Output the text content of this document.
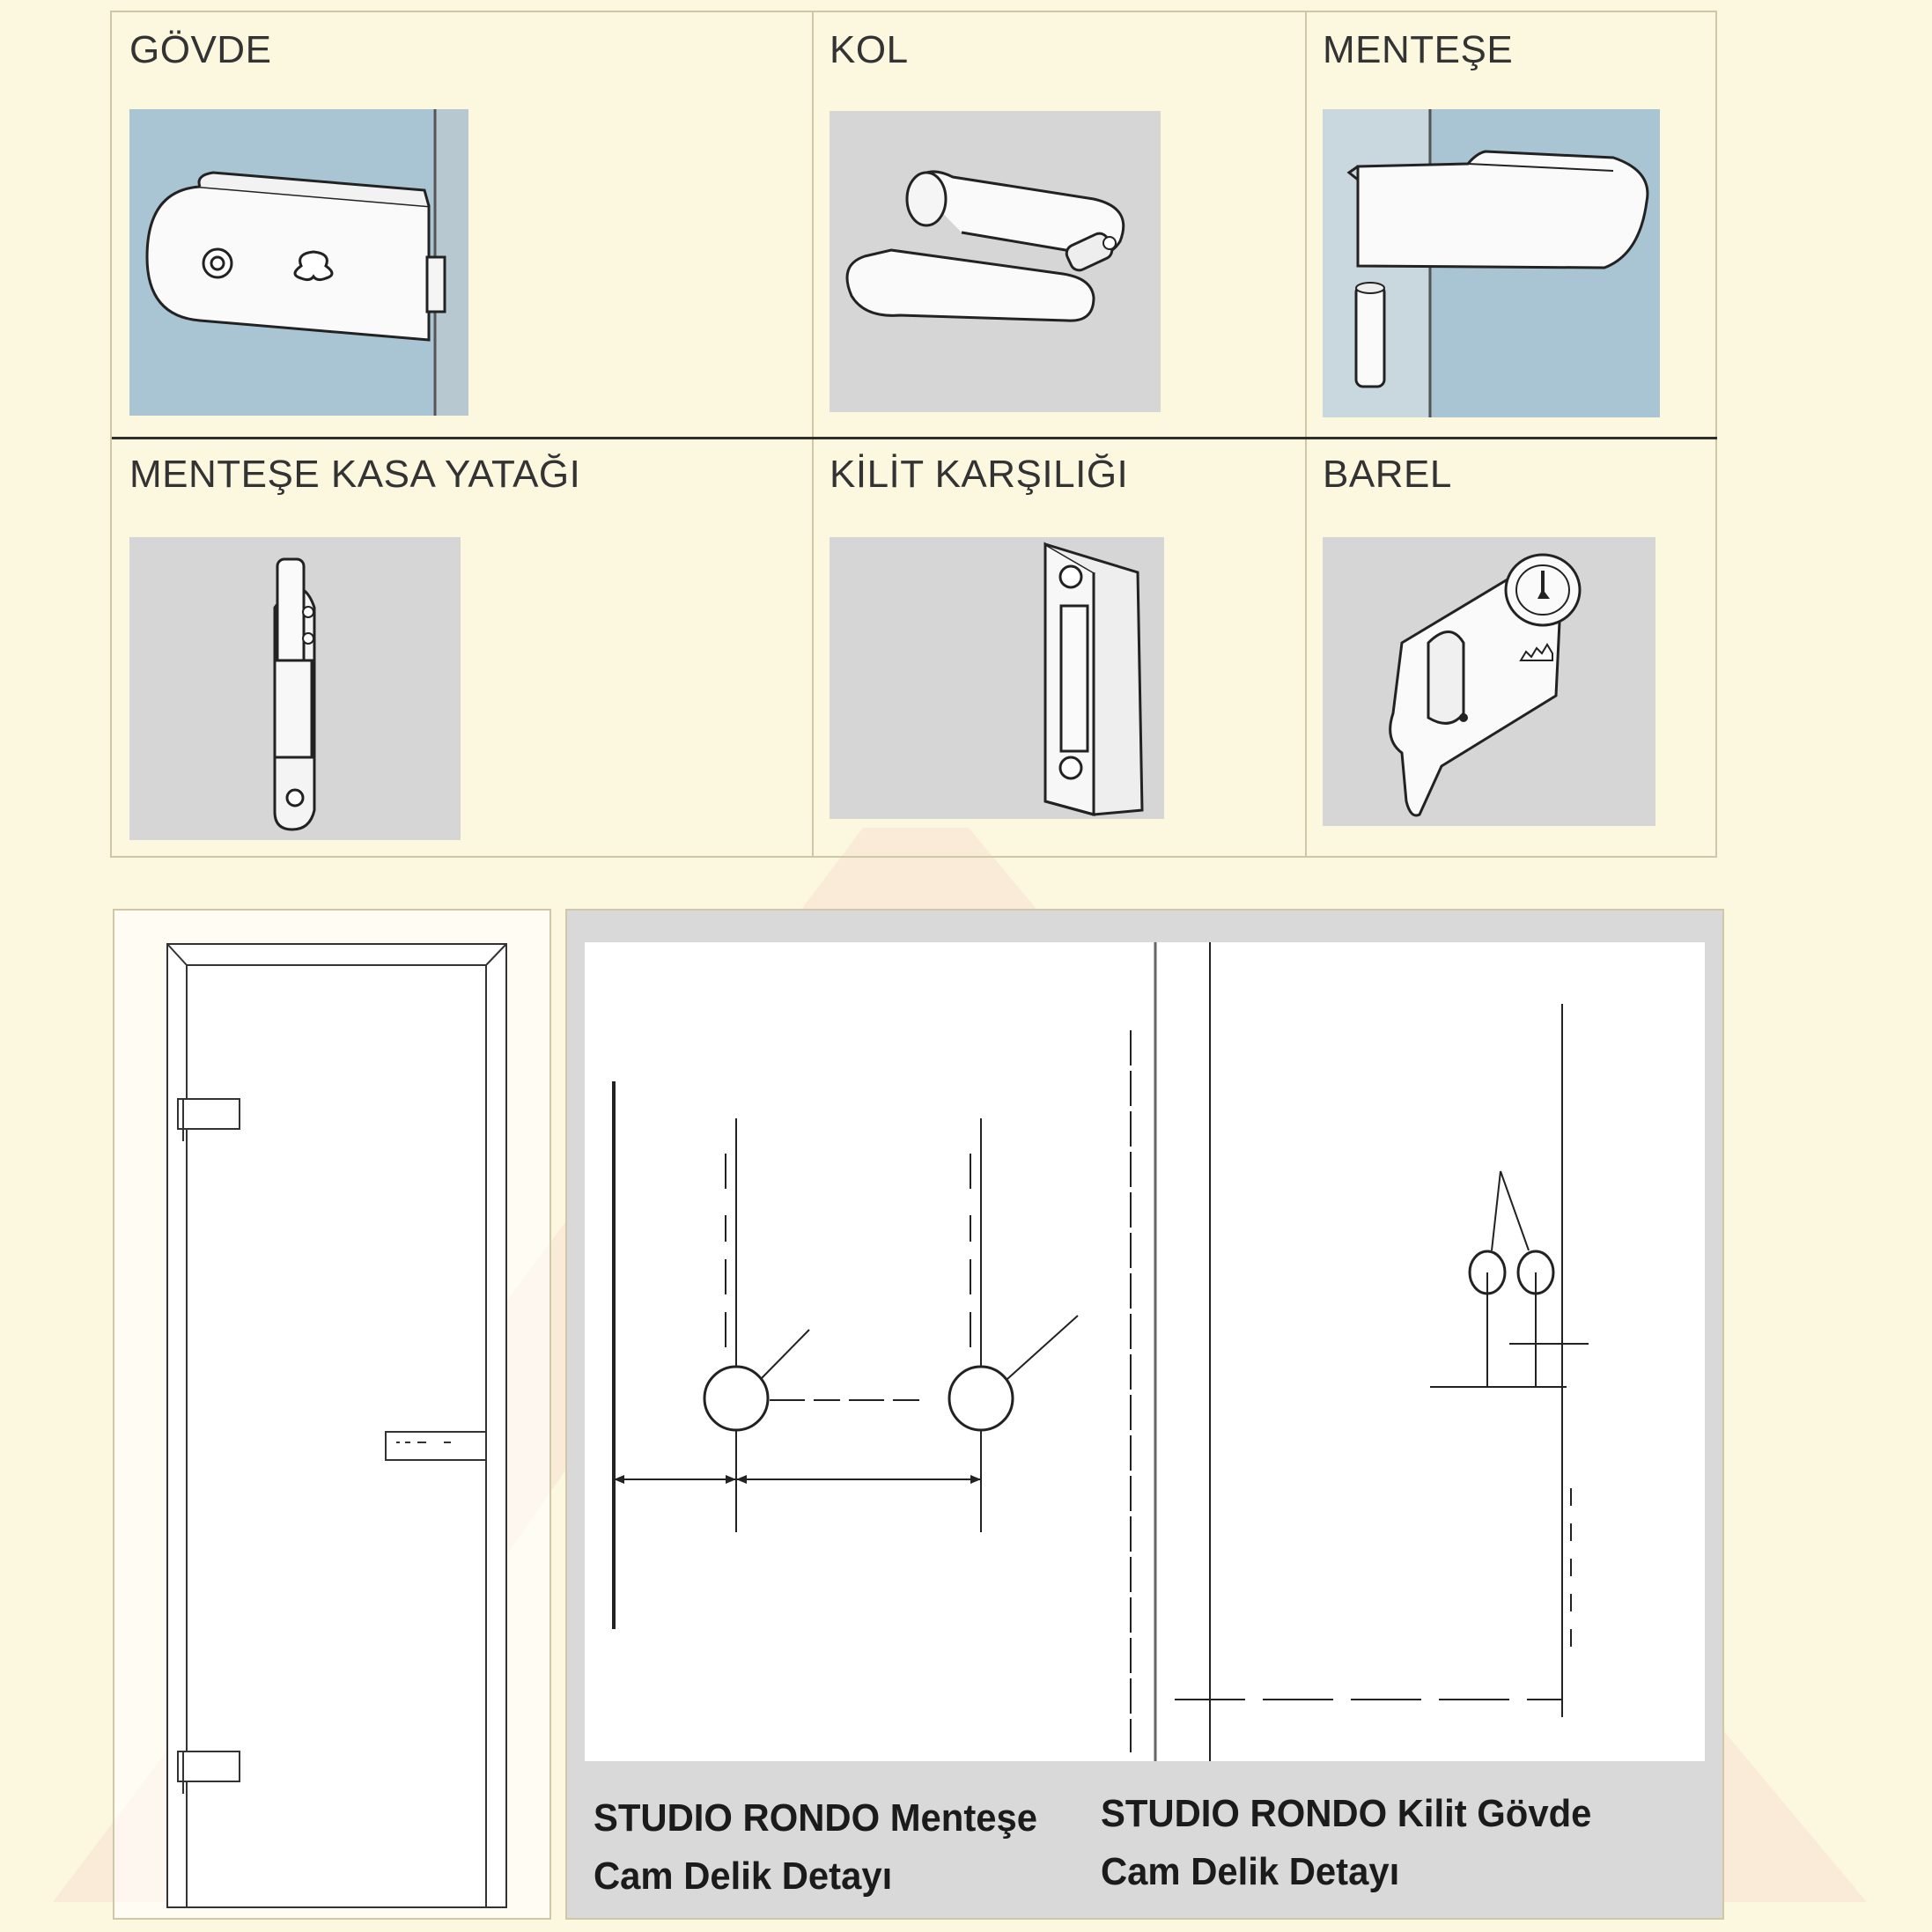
GÖVDE	KOL	MENTEŞE
MENTEŞE KASA YATAĞI	KİLİT KARŞILIĞI	BAREL

STUDIO RONDO Menteşe
Cam Delik Detayı

STUDIO RONDO Kilit Gövde
Cam Delik Detayı
